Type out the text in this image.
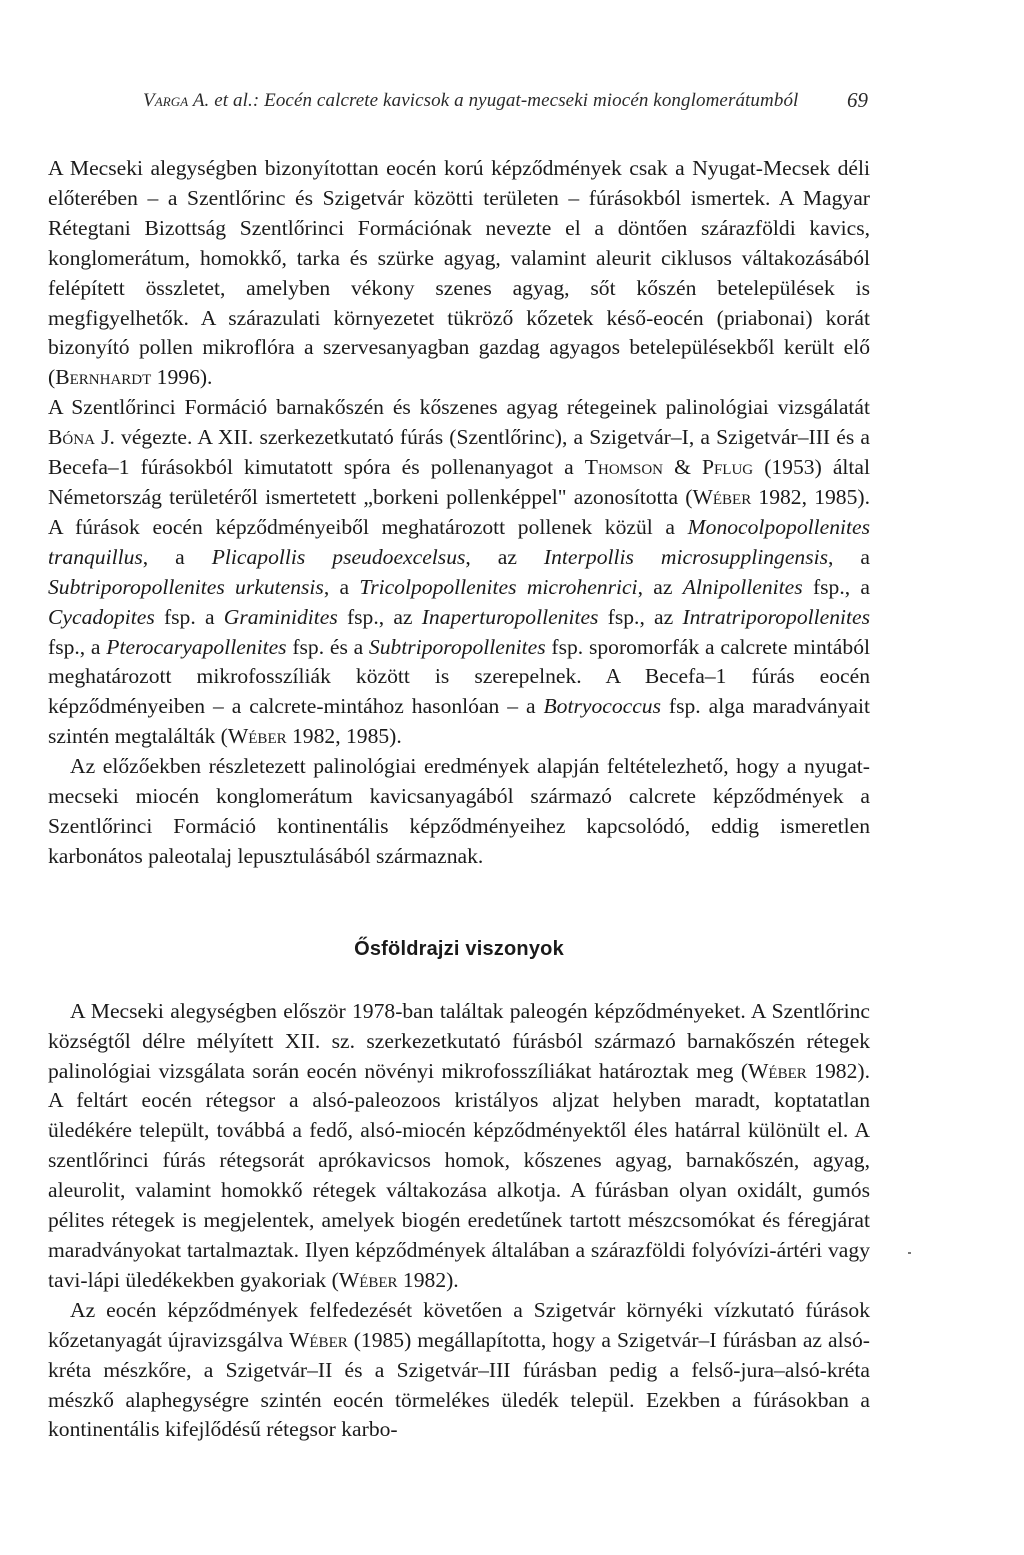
Varga A. et al.: Eocén calcrete kavicsok a nyugat-mecseki miocén konglomerátumból 69

A Mecseki alegységben bizonyítottan eocén korú képződmények csak a Nyugat-Mecsek déli előterében – a Szentlőrinc és Szigetvár közötti területen – fúrásokból ismertek. A Magyar Rétegtani Bizottság Szentlőrinci Formációnak nevezte el a döntően szárazföldi kavics, konglomerátum, homokkő, tarka és szürke agyag, valamint aleurit ciklusos váltakozásából felépített összletet, amelyben vékony szenes agyag, sőt kőszén betelepülések is megfigyelhetők. A szárazulati környezetet tükröző kőzetek késő-eocén (priabonai) korát bizonyító pollen mikroflóra a szervesanyagban gazdag agyagos betelepülésekből került elő (Bernhardt 1996).

A Szentlőrinci Formáció barnakőszén és kőszenes agyag rétegeinek palinológiai vizsgálatát Bóna J. végezte. A XII. szerkezetkutató fúrás (Szentlőrinc), a Szigetvár–I, a Szigetvár–III és a Becefa–1 fúrásokból kimutatott spóra és pollenanyagot a Thomson & Pflug (1953) által Németország területéről ismertetett „borkeni pollenképpel" azonosította (Wéber 1982, 1985). A fúrások eocén képződményeiből meghatározott pollenek közül a Monocolpopollenites tranquillus, a Plicapollis pseudoexcelsus, az Interpollis microsupplingensis, a Subtriporopollenites urkutensis, a Tricolpopollenites microhenrici, az Alnipollenites fsp., a Cycadopites fsp. a Graminidites fsp., az Inaperturopollenites fsp., az Intratriporopollenites fsp., a Pterocaryapollenites fsp. és a Subtriporopollenites fsp. sporomorfák a calcrete mintából meghatározott mikrofosszíliák között is szerepelnek. A Becefa–1 fúrás eocén képződményeiben – a calcrete-mintához hasonlóan – a Botryococcus fsp. alga maradványait szintén megtalálták (Wéber 1982, 1985).

Az előzőekben részletezett palinológiai eredmények alapján feltételezhető, hogy a nyugat-mecseki miocén konglomerátum kavicsanyagából származó calcrete képződmények a Szentlőrinci Formáció kontinentális képződményeihez kapcsolódó, eddig ismeretlen karbonátos paleotalaj lepusztulásából származnak.

Ősföldrajzi viszonyok

A Mecseki alegységben először 1978-ban találtak paleogén képződményeket. A Szentlőrinc községtől délre mélyített XII. sz. szerkezetkutató fúrásból származó barnakőszén rétegek palinológiai vizsgálata során eocén növényi mikrofosszíliákat határoztak meg (Wéber 1982). A feltárt eocén rétegsor a alsó-paleozoos kristályos aljzat helyben maradt, koptatatlan üledékére települt, továbbá a fedő, alsó-miocén képződményektől éles határral különült el. A szentlőrinci fúrás rétegsorát aprókavicsos homok, kőszenes agyag, barnakőszén, agyag, aleurolit, valamint homokkő rétegek váltakozása alkotja. A fúrásban olyan oxidált, gumós pélites rétegek is megjelentek, amelyek biogén eredetűnek tartott mészcsomókat és féregjárat maradványokat tartalmaztak. Ilyen képződmények általában a szárazföldi folyóvízi-ártéri vagy tavi-lápi üledékekben gyakoriak (Wéber 1982).

Az eocén képződmények felfedezését követően a Szigetvár környéki vízkutató fúrások kőzetanyagát újravizsgálva Wéber (1985) megállapította, hogy a Szigetvár–I fúrásban az alsó-kréta mészkőre, a Szigetvár–II és a Szigetvár–III fúrásban pedig a felső-jura–alsó-kréta mészkő alaphegységre szintén eocén törmelékes üledék települ. Ezekben a fúrásokban a kontinentális kifejlődésű rétegsor karbo-
